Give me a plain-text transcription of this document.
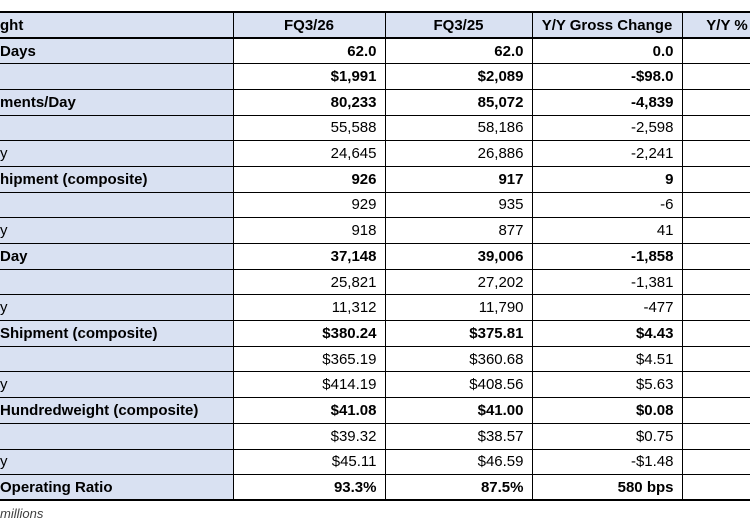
ght	FQ3/26	FQ3/25	Y/Y Gross Change	Y/Y %
Days	62.0	62.0	0.0	
	$1,991	$2,089	-$98.0	
ments/Day	80,233	85,072	-4,839	
	55,588	58,186	-2,598	
y	24,645	26,886	-2,241	
hipment (composite)	926	917	9	
	929	935	-6	
y	918	877	41	
Day	37,148	39,006	-1,858	
	25,821	27,202	-1,381	
y	11,312	11,790	-477	
Shipment (composite)	$380.24	$375.81	$4.43	
	$365.19	$360.68	$4.51	
y	$414.19	$408.56	$5.63	
Hundredweight (composite)	$41.08	$41.00	$0.08	
	$39.32	$38.57	$0.75	
y	$45.11	$46.59	-$1.48	
Operating Ratio	93.3%	87.5%	580 bps	
millions
